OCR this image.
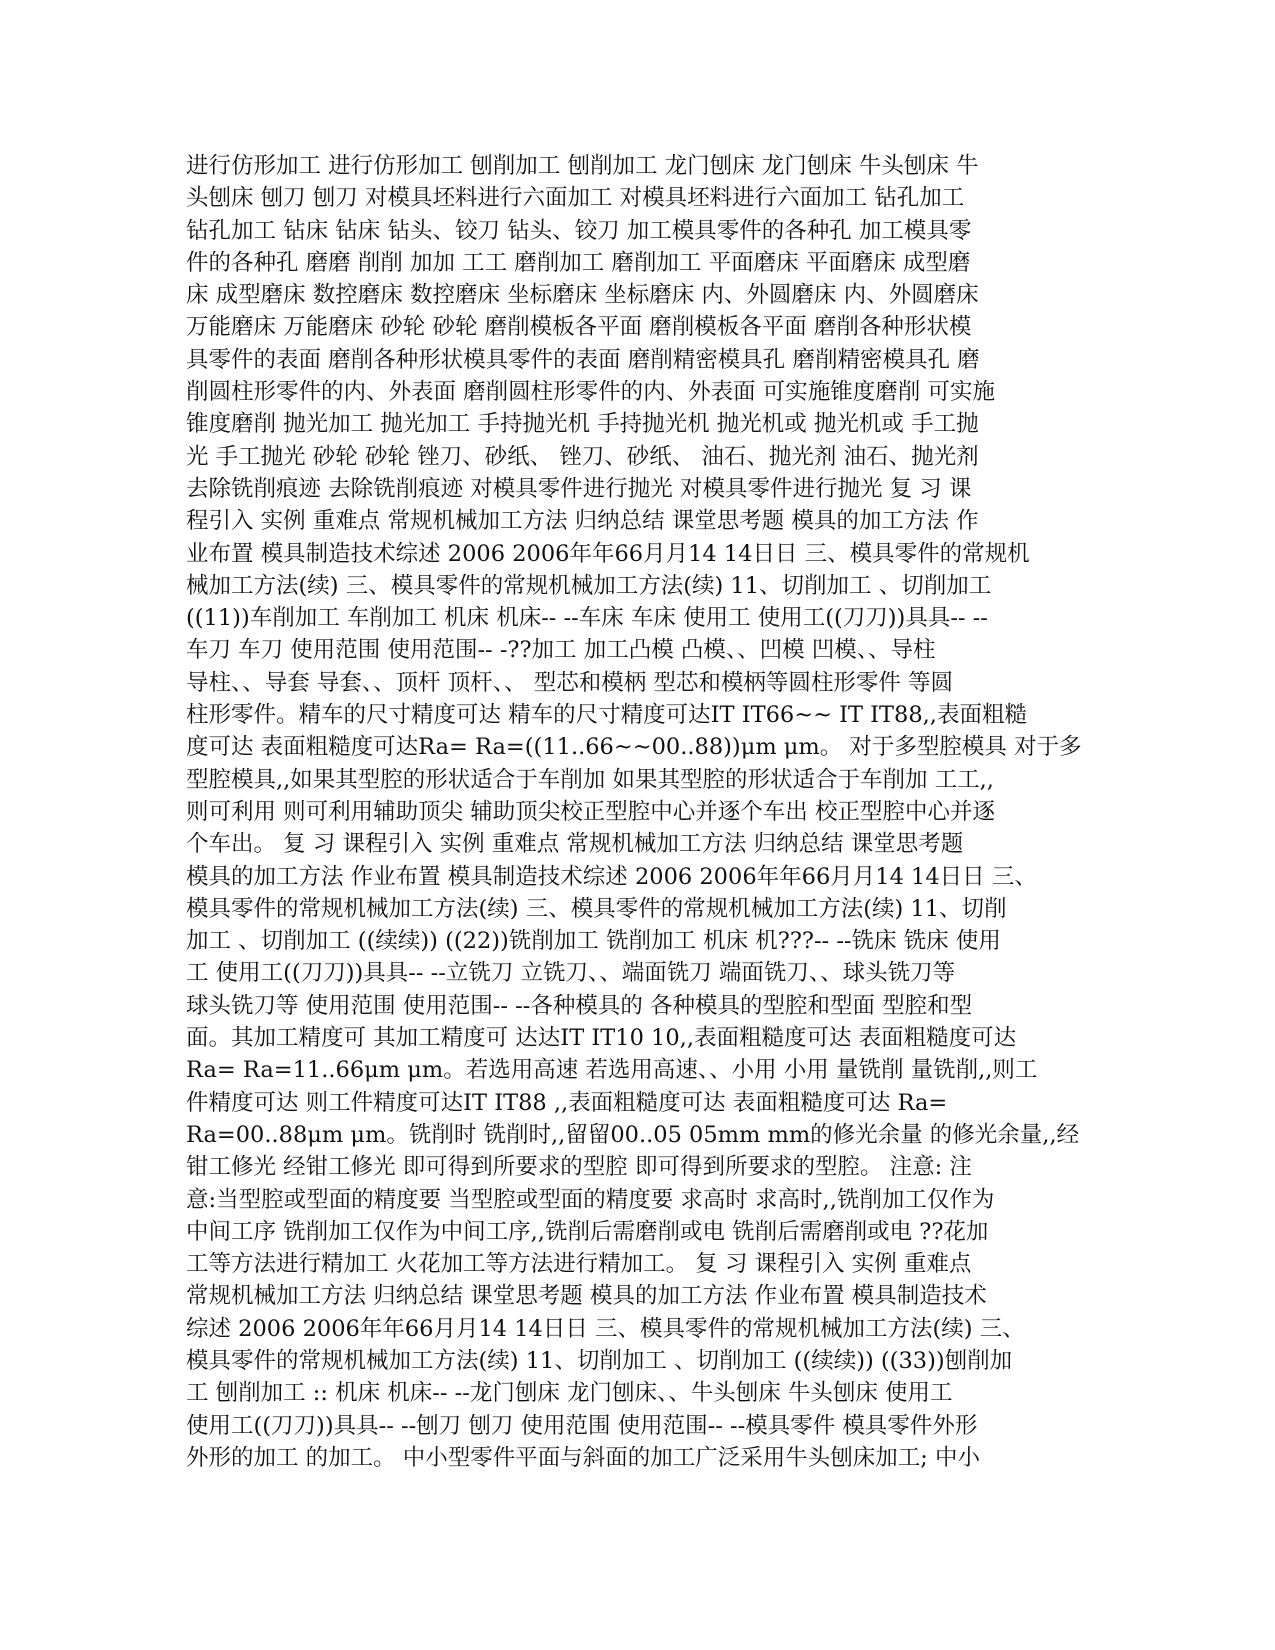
进行仿形加工 进行仿形加工 刨削加工 刨削加工 龙门刨床 龙门刨床 牛头刨床 牛
头刨床 刨刀 刨刀 对模具坯料进行六面加工 对模具坯料进行六面加工 钻孔加工
钻孔加工 钻床 钻床 钻头、铰刀 钻头、铰刀 加工模具零件的各种孔 加工模具零
件的各种孔 磨磨 削削 加加 工工 磨削加工 磨削加工 平面磨床 平面磨床 成型磨
床 成型磨床 数控磨床 数控磨床 坐标磨床 坐标磨床 内、外圆磨床 内、外圆磨床
万能磨床 万能磨床 砂轮 砂轮 磨削模板各平面 磨削模板各平面 磨削各种形状模
具零件的表面 磨削各种形状模具零件的表面 磨削精密模具孔 磨削精密模具孔 磨
削圆柱形零件的内、外表面 磨削圆柱形零件的内、外表面 可实施锥度磨削 可实施
锥度磨削 抛光加工 抛光加工 手持抛光机 手持抛光机 抛光机或 抛光机或 手工抛
光 手工抛光 砂轮 砂轮 锉刀、砂纸、 锉刀、砂纸、 油石、抛光剂 油石、抛光剂
去除铣削痕迹 去除铣削痕迹 对模具零件进行抛光 对模具零件进行抛光 复 习 课
程引入 实例 重难点 常规机械加工方法 归纳总结 课堂思考题 模具的加工方法 作
业布置 模具制造技术综述 2006 2006年年66月月14 14日日 三、模具零件的常规机
械加工方法(续) 三、模具零件的常规机械加工方法(续) 11、切削加工 、切削加工
((11))车削加工 车削加工 机床 机床-- --车床 车床 使用工 使用工((刀刀))具具-- --
车刀 车刀 使用范围 使用范围-- -??加工 加工凸模 凸模、、凹模 凹模、、导柱
导柱、、导套 导套、、顶杆 顶杆、、 型芯和模柄 型芯和模柄等圆柱形零件 等圆
柱形零件。精车的尺寸精度可达 精车的尺寸精度可达IT IT66~~ IT IT88,,表面粗糙
度可达 表面粗糙度可达Ra= Ra=((11..66~~00..88))μm μm。 对于多型腔模具 对于多
型腔模具,,如果其型腔的形状适合于车削加 如果其型腔的形状适合于车削加 工工,,
则可利用 则可利用辅助顶尖 辅助顶尖校正型腔中心并逐个车出 校正型腔中心并逐
个车出。 复 习 课程引入 实例 重难点 常规机械加工方法 归纳总结 课堂思考题
模具的加工方法 作业布置 模具制造技术综述 2006 2006年年66月月14 14日日 三、
模具零件的常规机械加工方法(续) 三、模具零件的常规机械加工方法(续) 11、切削
加工 、切削加工 ((续续)) ((22))铣削加工 铣削加工 机床 机???-- --铣床 铣床 使用
工 使用工((刀刀))具具-- --立铣刀 立铣刀、、端面铣刀 端面铣刀、、球头铣刀等
球头铣刀等 使用范围 使用范围-- --各种模具的 各种模具的型腔和型面 型腔和型
面。其加工精度可 其加工精度可 达达IT IT10 10,,表面粗糙度可达 表面粗糙度可达
Ra= Ra=11..66μm μm。若选用高速 若选用高速、、小用 小用 量铣削 量铣削,,则工
件精度可达 则工件精度可达IT IT88 ,,表面粗糙度可达 表面粗糙度可达 Ra=
Ra=00..88μm μm。铣削时 铣削时,,留留00..05 05mm mm的修光余量 的修光余量,,经
钳工修光 经钳工修光 即可得到所要求的型腔 即可得到所要求的型腔。 注意: 注
意:当型腔或型面的精度要 当型腔或型面的精度要 求高时 求高时,,铣削加工仅作为
中间工序 铣削加工仅作为中间工序,,铣削后需磨削或电 铣削后需磨削或电 ??花加
工等方法进行精加工 火花加工等方法进行精加工。 复 习 课程引入 实例 重难点
常规机械加工方法 归纳总结 课堂思考题 模具的加工方法 作业布置 模具制造技术
综述 2006 2006年年66月月14 14日日 三、模具零件的常规机械加工方法(续) 三、
模具零件的常规机械加工方法(续) 11、切削加工 、切削加工 ((续续)) ((33))刨削加
工 刨削加工 :: 机床 机床-- --龙门刨床 龙门刨床、、牛头刨床 牛头刨床 使用工
使用工((刀刀))具具-- --刨刀 刨刀 使用范围 使用范围-- --模具零件 模具零件外形
外形的加工 的加工。 中小型零件平面与斜面的加工广泛采用牛头刨床加工; 中小
